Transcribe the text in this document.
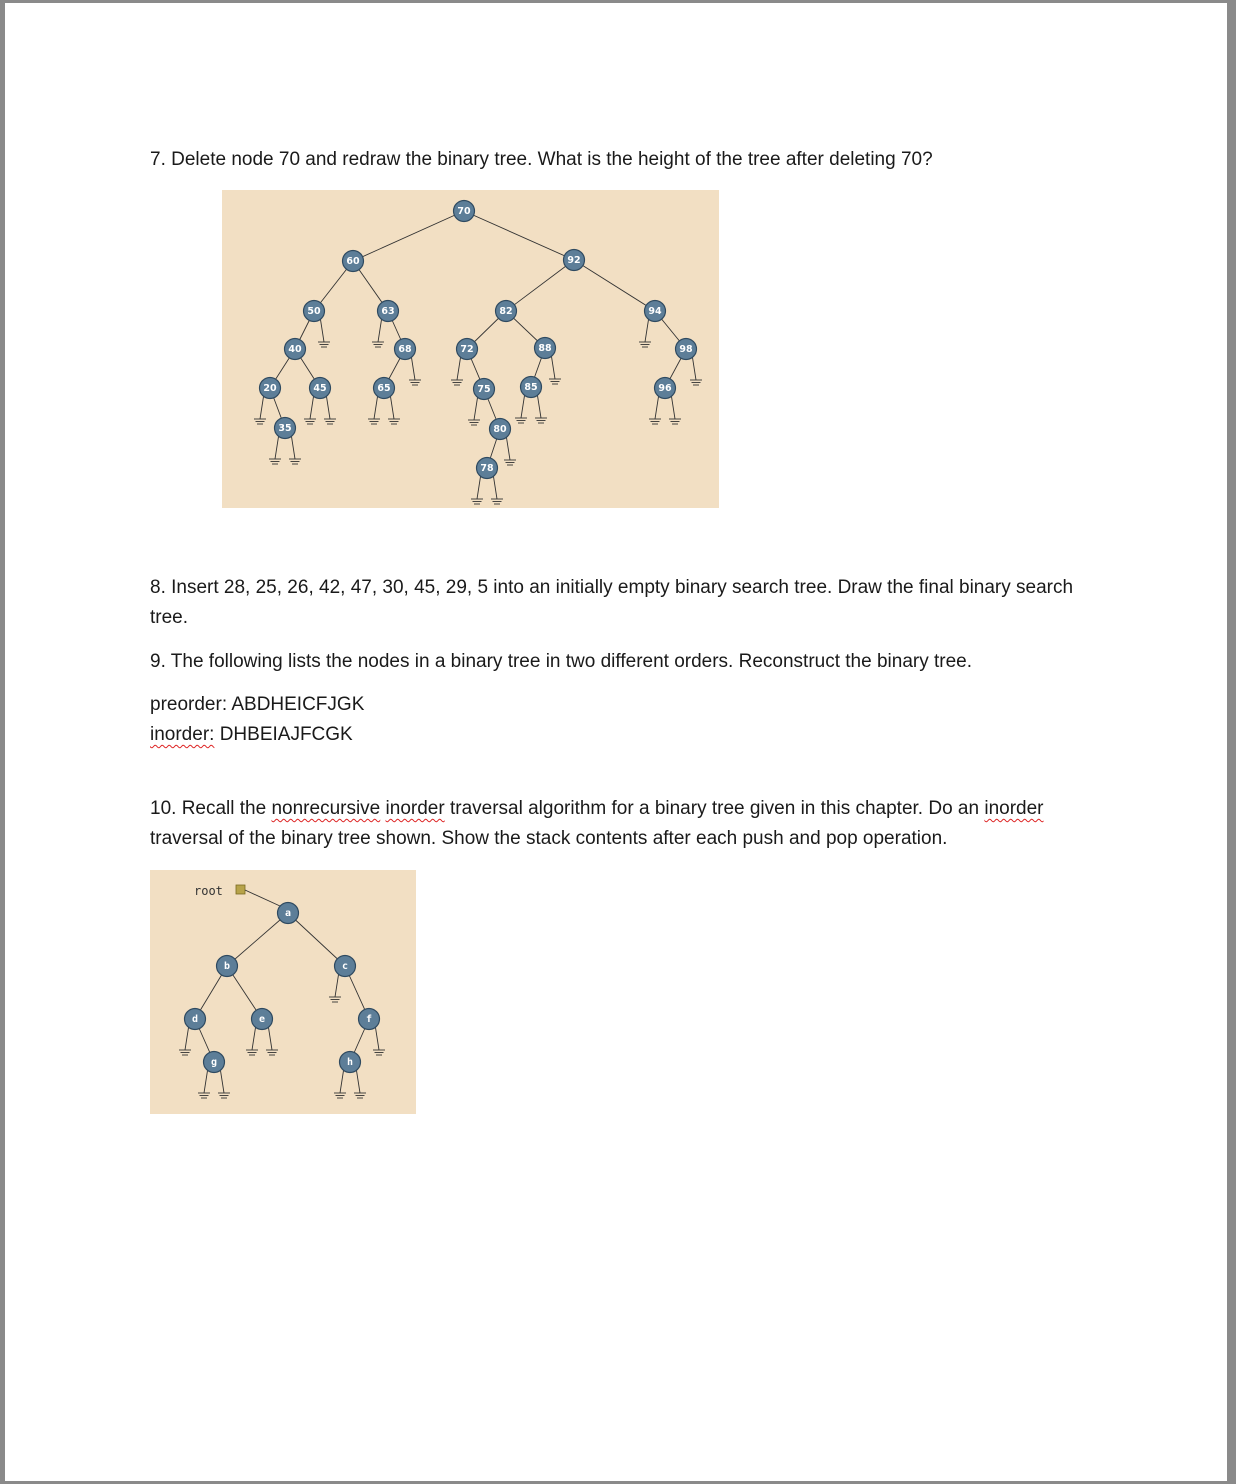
7. Delete node 70 and redraw the binary tree. What is the height of the tree after deleting 70?

70
60	92
50	63	82	94
40	68	72	88	98
20	45	65	75	85	96
35	80
78

8. Insert 28, 25, 26, 42, 47, 30, 45, 29, 5 into an initially empty binary search tree. Draw the final binary search tree.

9. The following lists the nodes in a binary tree in two different orders. Reconstruct the binary tree.

preorder: ABDHEICFJGK

inorder: DHBEIAJFCGK

10. Recall the nonrecursive inorder traversal algorithm for a binary tree given in this chapter. Do an inorder traversal of the binary tree shown. Show the stack contents after each push and pop operation.

root
a
b	c
d	e	f
g	h
